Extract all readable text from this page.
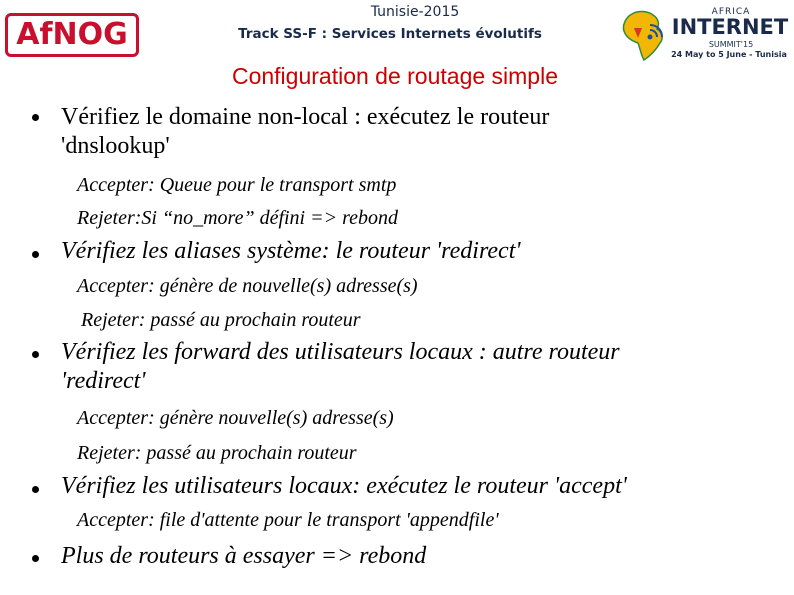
AfNOG
Tunisie-2015
Track SS-F : Services Internets évolutifs
AFRICA
INTERNET
SUMMIT'15
24 May to 5 June - Tunisia
Configuration de routage simple
Vérifiez le domaine non-local : exécutez le routeur
'dnslookup'
Accepter: Queue pour le transport smtp
Rejeter:Si “no_more” défini => rebond
Vérifiez les aliases système: le routeur 'redirect'
Accepter: génère de nouvelle(s) adresse(s)
Rejeter: passé au prochain routeur
Vérifiez les forward des utilisateurs locaux : autre routeur
'redirect'
Accepter: génère nouvelle(s) adresse(s)
Rejeter: passé au prochain routeur
Vérifiez les utilisateurs locaux: exécutez le routeur 'accept'
Accepter: file d'attente pour le transport 'appendfile'
Plus de routeurs à essayer => rebond
